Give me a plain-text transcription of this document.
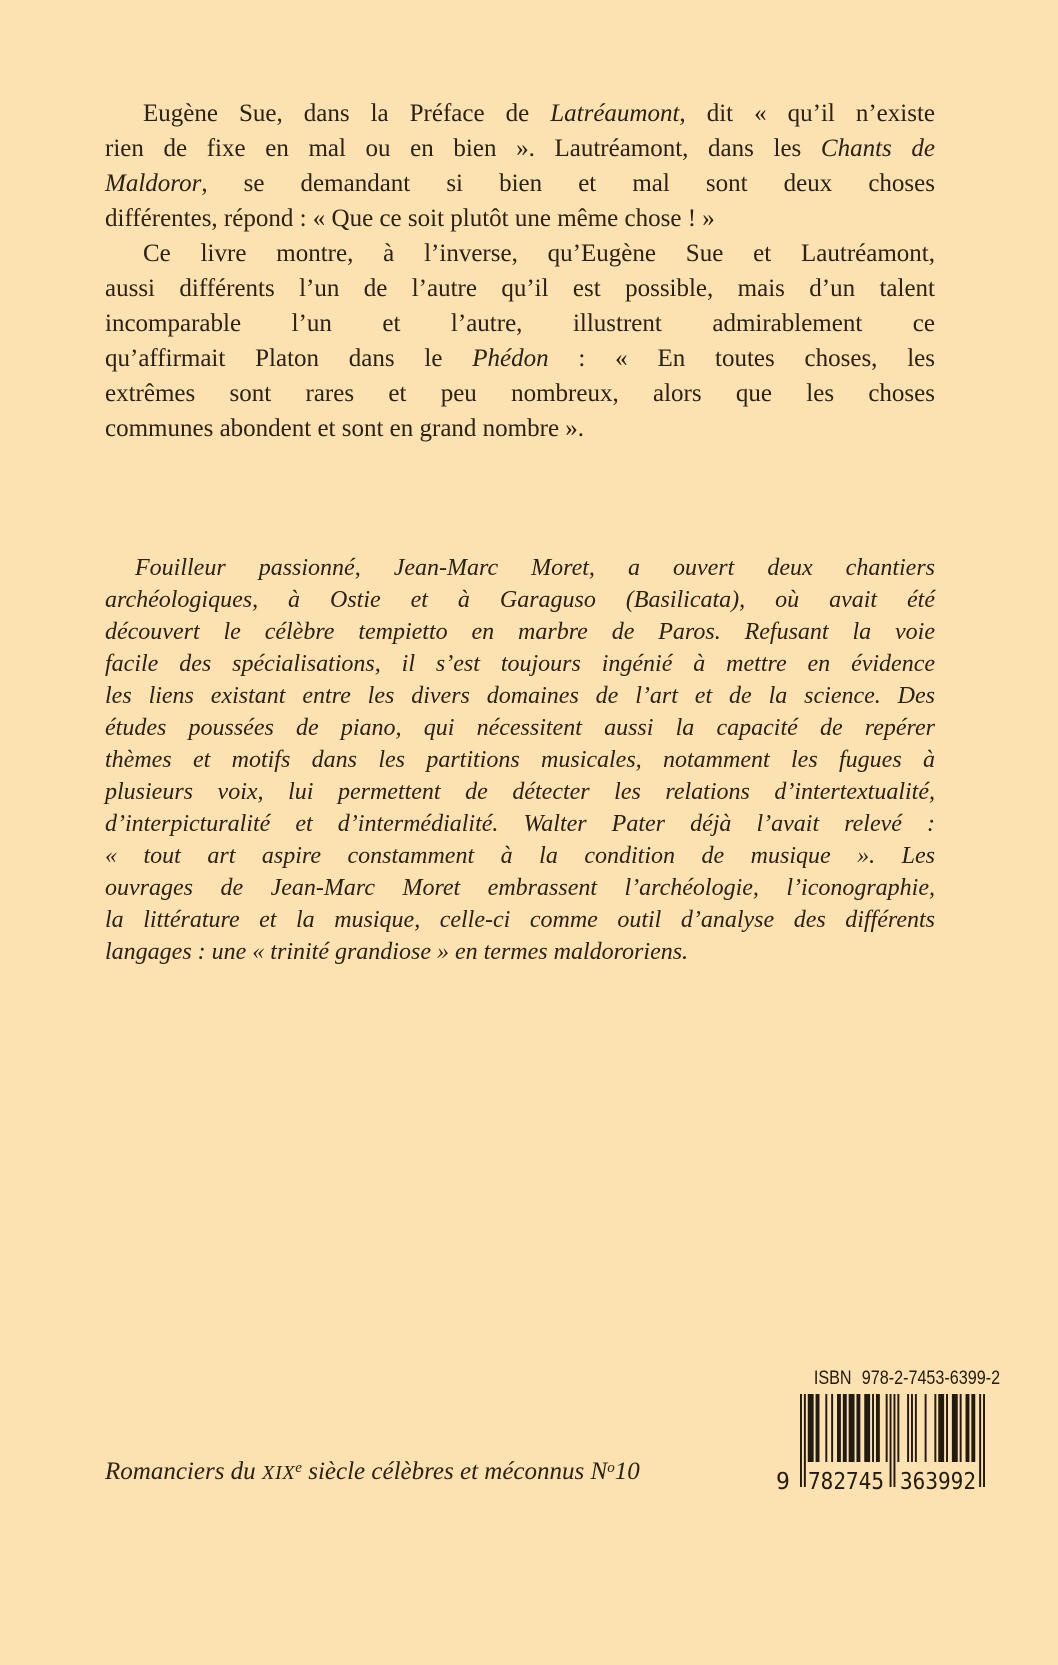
Eugène Sue, dans la Préface de Latréaumont, dit « qu’il n’existe
rien de fixe en mal ou en bien ». Lautréamont, dans les Chants de
Maldoror, se demandant si bien et mal sont deux choses
différentes, répond : « Que ce soit plutôt une même chose ! »
Ce livre montre, à l’inverse, qu’Eugène Sue et Lautréamont,
aussi différents l’un de l’autre qu’il est possible, mais d’un talent
incomparable l’un et l’autre, illustrent admirablement ce
qu’affirmait Platon dans le Phédon : « En toutes choses, les
extrêmes sont rares et peu nombreux, alors que les choses
communes abondent et sont en grand nombre ».
Fouilleur passionné, Jean-Marc Moret, a ouvert deux chantiers
archéologiques, à Ostie et à Garaguso (Basilicata), où avait été
découvert le célèbre tempietto en marbre de Paros. Refusant la voie
facile des spécialisations, il s’est toujours ingénié à mettre en évidence
les liens existant entre les divers domaines de l’art et de la science. Des
études poussées de piano, qui nécessitent aussi la capacité de repérer
thèmes et motifs dans les partitions musicales, notamment les fugues à
plusieurs voix, lui permettent de détecter les relations d’intertextualité,
d’interpicturalité et d’intermédialité. Walter Pater déjà l’avait relevé :
« tout art aspire constamment à la condition de musique ». Les
ouvrages de Jean-Marc Moret embrassent l’archéologie, l’iconographie,
la littérature et la musique, celle-ci comme outil d’analyse des différents
langages : une « trinité grandiose » en termes maldororiens.
Romanciers du XIXe siècle célèbres et méconnus $N^o10$
ISBN 978-2-7453-6399-2
9 782745 363992
